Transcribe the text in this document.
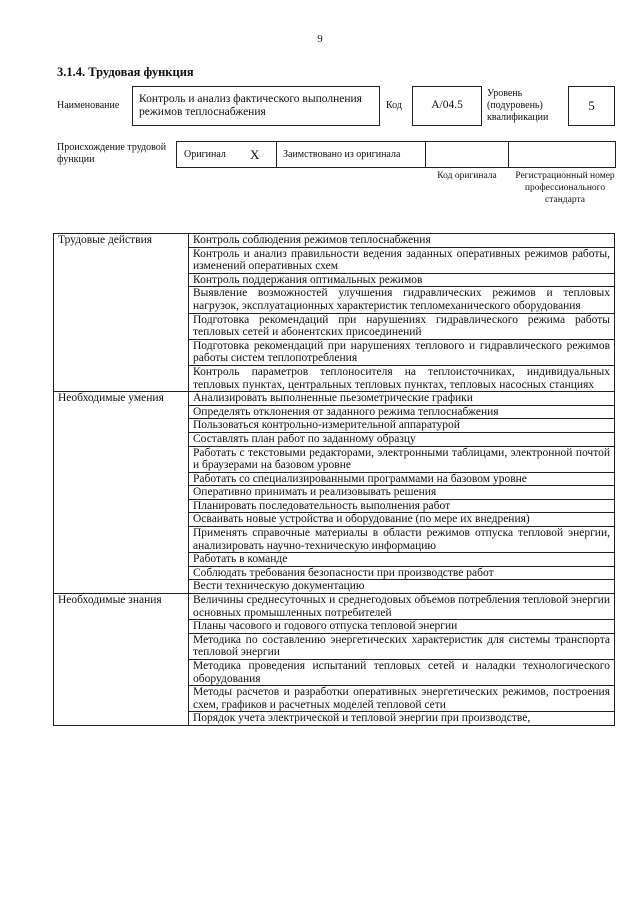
9
3.1.4. Трудовая функция
Наименование
Контроль и анализ фактического выполнения режимов теплоснабжения
Код	А/04.5
Уровень (подуровень) квалификации
5
Происхождение трудовой функции	Оригинал X Заимствовано из оригинала
Код оригинала	Регистрационный номер профессионального стандарта
Трудовые действия	Контроль соблюдения режимов теплоснабжения
	Контроль и анализ правильности ведения заданных оперативных режимов работы, изменений оперативных схем
	Контроль поддержания оптимальных режимов
	Выявление возможностей улучшения гидравлических режимов и тепловых нагрузок, эксплуатационных характеристик тепломеханического оборудования
	Подготовка рекомендаций при нарушениях гидравлического режима работы тепловых сетей и абонентских присоединений
	Подготовка рекомендаций при нарушениях теплового и гидравлического режимов работы систем теплопотребления
	Контроль параметров теплоносителя на теплоисточниках, индивидуальных тепловых пунктах, центральных тепловых пунктах, тепловых насосных станциях
Необходимые умения	Анализировать выполненные пьезометрические графики
	Определять отклонения от заданного режима теплоснабжения
	Пользоваться контрольно-измерительной аппаратурой
	Составлять план работ по заданному образцу
	Работать с текстовыми редакторами, электронными таблицами, электронной почтой и браузерами на базовом уровне
	Работать со специализированными программами на базовом уровне
	Оперативно принимать и реализовывать решения
	Планировать последовательность выполнения работ
	Осваивать новые устройства и оборудование (по мере их внедрения)
	Применять справочные материалы в области режимов отпуска тепловой энергии, анализировать научно-техническую информацию
	Работать в команде
	Соблюдать требования безопасности при производстве работ
	Вести техническую документацию
Необходимые знания	Величины среднесуточных и среднегодовых объемов потребления тепловой энергии основных промышленных потребителей
	Планы часового и годового отпуска тепловой энергии
	Методика по составлению энергетических характеристик для системы транспорта тепловой энергии
	Методика проведения испытаний тепловых сетей и наладки технологического оборудования
	Методы расчетов и разработки оперативных энергетических режимов, построения схем, графиков и расчетных моделей тепловой сети
	Порядок учета электрической и тепловой энергии при производстве,
